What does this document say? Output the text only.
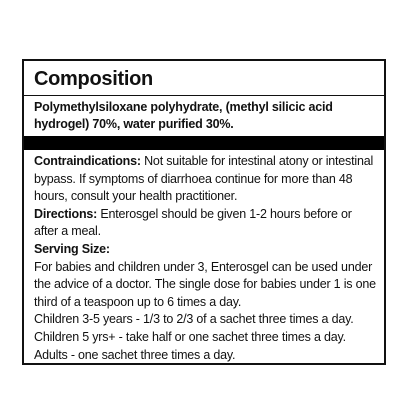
Composition
Polymethylsiloxane polyhydrate, (methyl silicic acid hydrogel) 70%, water purified 30%.

Contraindications: Not suitable for intestinal atony or intestinal bypass. If symptoms of diarrhoea continue for more than 48 hours, consult your health practitioner.

Directions: Enterosgel should be given 1-2 hours before or after a meal.

Serving Size:

For babies and children under 3, Enterosgel can be used under the advice of a doctor. The single dose for babies under 1 is one third of a teaspoon up to 6 times a day.

Children 3-5 years - 1/3 to 2/3 of a sachet three times a day.

Children 5 yrs+ - take half or one sachet three times a day.

Adults - one sachet three times a day.
